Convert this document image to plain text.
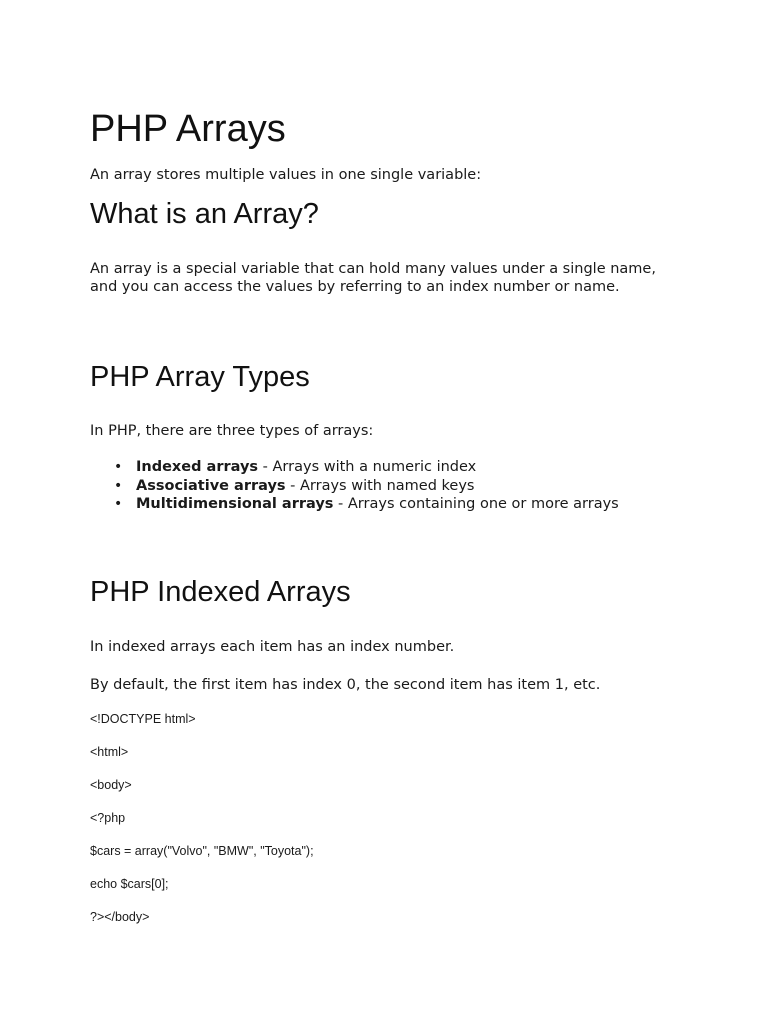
PHP Arrays

An array stores multiple values in one single variable:

What is an Array?

An array is a special variable that can hold many values under a single name,

and you can access the values by referring to an index number or name.

PHP Array Types

In PHP, there are three types of arrays:

• Indexed arrays - Arrays with a numeric index
• Associative arrays - Arrays with named keys
• Multidimensional arrays - Arrays containing one or more arrays
PHP Indexed Arrays

In indexed arrays each item has an index number.

By default, the first item has index 0, the second item has item 1, etc.

<!DOCTYPE html>

<html>

<body>

<?php

$cars = array("Volvo", "BMW", "Toyota");

echo $cars[0];

?></body>
